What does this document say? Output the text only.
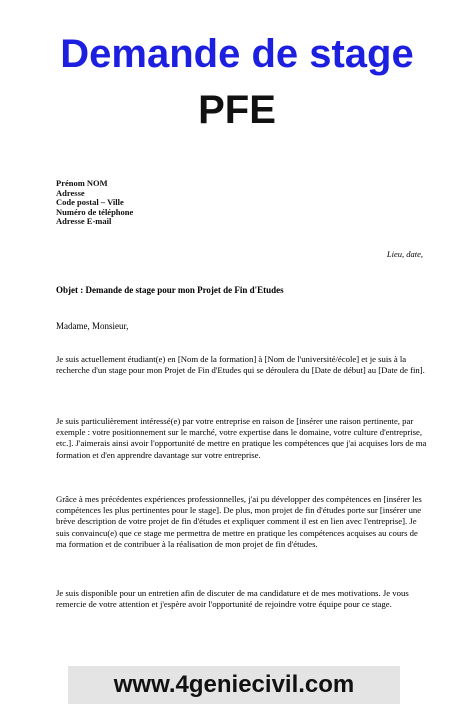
Demande de stage
PFE
Prénom NOM
Adresse
Code postal – Ville
Numéro de téléphone
Adresse E-mail
Lieu, date,
Objet : Demande de stage pour mon Projet de Fin d'Etudes
Madame, Monsieur,
Je suis actuellement étudiant(e) en [Nom de la formation] à [Nom de l'université/école] et je suis à la recherche d'un stage pour mon Projet de Fin d'Etudes qui se déroulera du [Date de début] au [Date de fin].
Je suis particulièrement intéressé(e) par votre entreprise en raison de [insérer une raison pertinente, par exemple : votre positionnement sur le marché, votre expertise dans le domaine, votre culture d'entreprise, etc.]. J'aimerais ainsi avoir l'opportunité de mettre en pratique les compétences que j'ai acquises lors de ma formation et d'en apprendre davantage sur votre entreprise.
Grâce à mes précédentes expériences professionnelles, j'ai pu développer des compétences en [insérer les compétences les plus pertinentes pour le stage]. De plus, mon projet de fin d'études porte sur [insérer une brève description de votre projet de fin d'études et expliquer comment il est en lien avec l'entreprise]. Je suis convaincu(e) que ce stage me permettra de mettre en pratique les compétences acquises au cours de ma formation et de contribuer à la réalisation de mon projet de fin d'études.
Je suis disponible pour un entretien afin de discuter de ma candidature et de mes motivations. Je vous remercie de votre attention et j'espère avoir l'opportunité de rejoindre votre équipe pour ce stage.
www.4geniecivil.com
